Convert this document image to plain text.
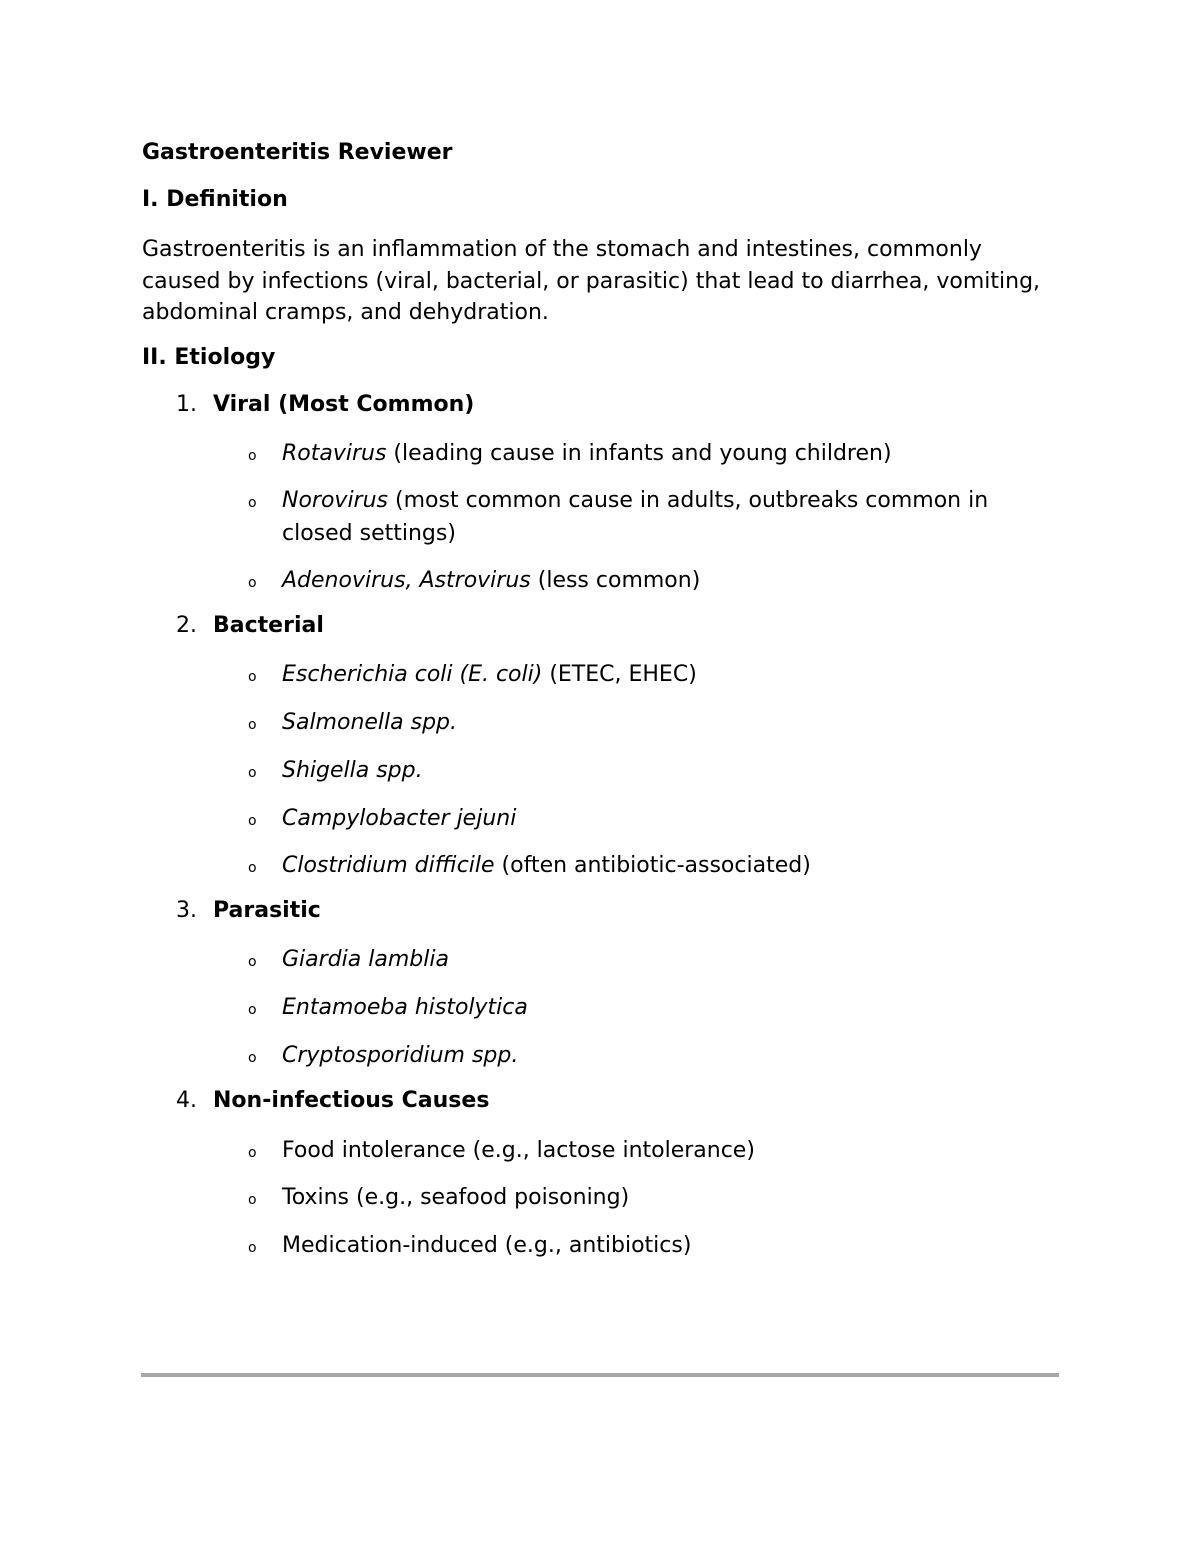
Gastroenteritis Reviewer
I. Definition
Gastroenteritis is an inflammation of the stomach and intestines, commonly caused by infections (viral, bacterial, or parasitic) that lead to diarrhea, vomiting, abdominal cramps, and dehydration.
II. Etiology
1. Viral (Most Common)
o Rotavirus (leading cause in infants and young children)
o Norovirus (most common cause in adults, outbreaks common in closed settings)
o Adenovirus, Astrovirus (less common)
2. Bacterial
o Escherichia coli (E. coli) (ETEC, EHEC)
o Salmonella spp.
o Shigella spp.
o Campylobacter jejuni
o Clostridium difficile (often antibiotic-associated)
3. Parasitic
o Giardia lamblia
o Entamoeba histolytica
o Cryptosporidium spp.
4. Non-infectious Causes
o Food intolerance (e.g., lactose intolerance)
o Toxins (e.g., seafood poisoning)
o Medication-induced (e.g., antibiotics)
